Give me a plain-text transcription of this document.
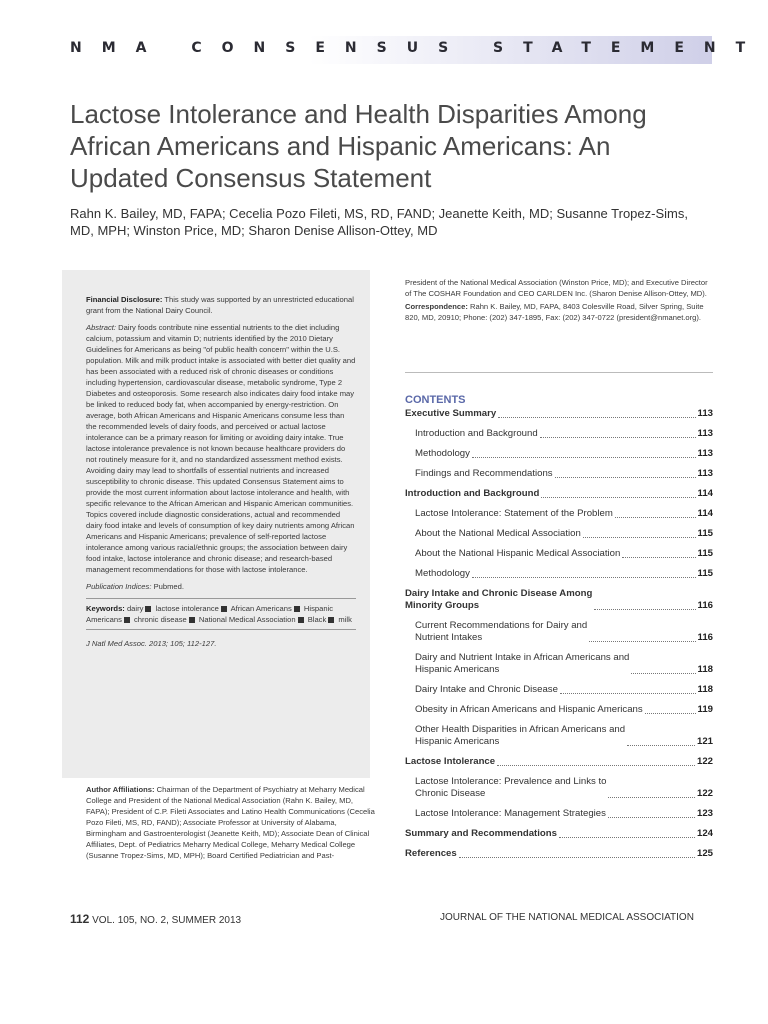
NMA CONSENSUS STATEMENT
Lactose Intolerance and Health Disparities Among African Americans and Hispanic Americans: An Updated Consensus Statement
Rahn K. Bailey, MD, FAPA; Cecelia Pozo Fileti, MS, RD, FAND; Jeanette Keith, MD; Susanne Tropez-Sims, MD, MPH; Winston Price, MD; Sharon Denise Allison-Ottey, MD

Financial Disclosure: This study was supported by an unrestricted educational grant from the National Dairy Council.

Abstract: Dairy foods contribute nine essential nutrients to the diet including calcium, potassium and vitamin D; nutrients identified by the 2010 Dietary Guidelines for Americans as being "of public health concern" within the U.S. population. Milk and milk product intake is associated with better diet quality and has been associated with a reduced risk of chronic diseases or conditions including hypertension, cardiovascular disease, metabolic syndrome, Type 2 Diabetes and osteoporosis. Some research also indicates dairy food intake may be linked to reduced body fat, when accompanied by energy-restriction. On average, both African Americans and Hispanic Americans consume less than the recommended levels of dairy foods, and perceived or actual lactose intolerance can be a primary reason for limiting or avoiding dairy intake. True lactose intolerance prevalence is not known because healthcare providers do not routinely measure for it, and no standardized assessment method exists. Avoiding dairy may lead to shortfalls of essential nutrients and increased susceptibility to chronic disease. This updated Consensus Statement aims to provide the most current information about lactose intolerance and health, with specific relevance to the African American and Hispanic American communities. Topics covered include diagnostic considerations, actual and recommended dairy food intake and levels of consumption of key dairy nutrients among African Americans and Hispanic Americans; prevalence of self-reported lactose intolerance among various racial/ethnic groups; the association between dairy food intake, lactose intolerance and chronic disease; and research-based management recommendations for those with lactose intolerance.

Publication Indices: Pubmed.

Keywords: dairy lactose intolerance African Americans Hispanic Americans chronic disease National Medical Association Black milk

J Natl Med Assoc. 2013; 105; 112-127.

Author Affiliations: Chairman of the Department of Psychiatry at Meharry Medical College and President of the National Medical Association (Rahn K. Bailey, MD, FAPA); President of C.P. Fileti Associates and Latino Health Communications (Cecelia Pozo Fileti, MS, RD, FAND); Associate Professor at University of Alabama, Birmingham and Gastroenterologist (Jeanette Keith, MD); Associate Dean of Clinical Affiliates, Dept. of Pediatrics Meharry Medical College, Meharry Medical College (Susanne Tropez-Sims, MD, MPH); Board Certified Pediatrician and Past-

President of the National Medical Association (Winston Price, MD); and Executive Director of The COSHAR Foundation and CEO CARLDEN Inc. (Sharon Denise Allison-Ottey, MD).

Correspondence: Rahn K. Bailey, MD, FAPA, 8403 Colesville Road, Silver Spring, Suite 820, MD, 20910; Phone: (202) 347-1895, Fax: (202) 347-0722 (president@nmanet.org).

CONTENTS
Executive Summary	113
Introduction and Background	113
Methodology	113
Findings and Recommendations	113
Introduction and Background	114
Lactose Intolerance: Statement of the Problem	114
About the National Medical Association	115
About the National Hispanic Medical Association	115
Methodology	115
Dairy Intake and Chronic Disease Among
Minority Groups	116
Current Recommendations for Dairy and
Nutrient Intakes	116
Dairy and Nutrient Intake in African Americans and
Hispanic Americans	118
Dairy Intake and Chronic Disease	118
Obesity in African Americans and Hispanic Americans	119
Other Health Disparities in African Americans and
Hispanic Americans	121
Lactose Intolerance	122
Lactose Intolerance: Prevalence and Links to
Chronic Disease	122
Lactose Intolerance: Management Strategies	123
Summary and Recommendations	124
References	125
112 VOL. 105, NO. 2, SUMMER 2013	JOURNAL OF THE NATIONAL MEDICAL ASSOCIATION
